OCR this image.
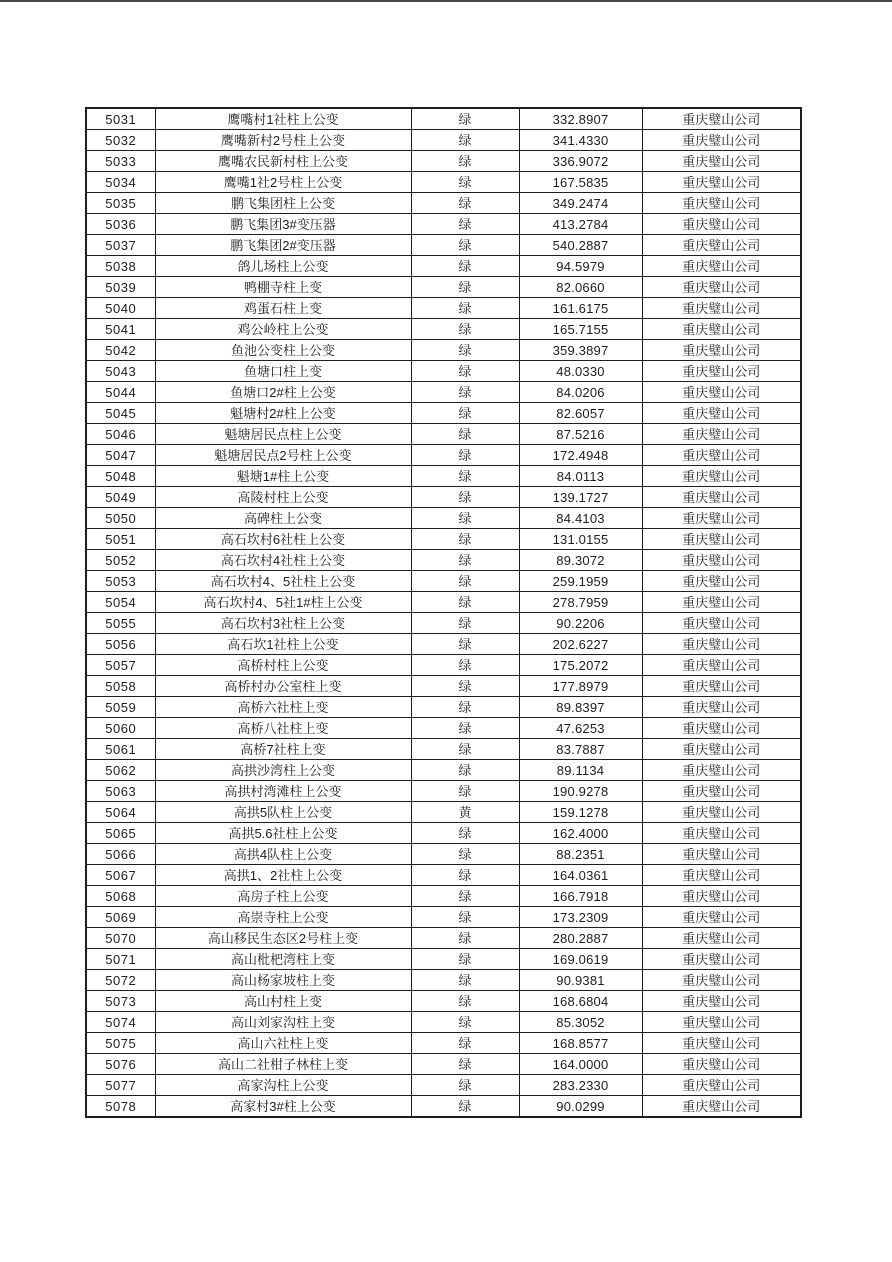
5031	鹰嘴村1社柱上公变	绿	332.8907	重庆璧山公司
5032	鹰嘴新村2号柱上公变	绿	341.4330	重庆璧山公司
5033	鹰嘴农民新村柱上公变	绿	336.9072	重庆璧山公司
5034	鹰嘴1社2号柱上公变	绿	167.5835	重庆璧山公司
5035	鹏飞集团柱上公变	绿	349.2474	重庆璧山公司
5036	鹏飞集团3#变压器	绿	413.2784	重庆璧山公司
5037	鹏飞集团2#变压器	绿	540.2887	重庆璧山公司
5038	鸽儿场柱上公变	绿	94.5979	重庆璧山公司
5039	鸭棚寺柱上变	绿	82.0660	重庆璧山公司
5040	鸡蛋石柱上变	绿	161.6175	重庆璧山公司
5041	鸡公岭柱上公变	绿	165.7155	重庆璧山公司
5042	鱼池公变柱上公变	绿	359.3897	重庆璧山公司
5043	鱼塘口柱上变	绿	48.0330	重庆璧山公司
5044	鱼塘口2#柱上公变	绿	84.0206	重庆璧山公司
5045	魁塘村2#柱上公变	绿	82.6057	重庆璧山公司
5046	魁塘居民点柱上公变	绿	87.5216	重庆璧山公司
5047	魁塘居民点2号柱上公变	绿	172.4948	重庆璧山公司
5048	魁塘1#柱上公变	绿	84.0113	重庆璧山公司
5049	高陵村柱上公变	绿	139.1727	重庆璧山公司
5050	高碑柱上公变	绿	84.4103	重庆璧山公司
5051	高石坎村6社柱上公变	绿	131.0155	重庆璧山公司
5052	高石坎村4社柱上公变	绿	89.3072	重庆璧山公司
5053	高石坎村4、5社柱上公变	绿	259.1959	重庆璧山公司
5054	高石坎村4、5社1#柱上公变	绿	278.7959	重庆璧山公司
5055	高石坎村3社柱上公变	绿	90.2206	重庆璧山公司
5056	高石坎1社柱上公变	绿	202.6227	重庆璧山公司
5057	高桥村柱上公变	绿	175.2072	重庆璧山公司
5058	高桥村办公室柱上变	绿	177.8979	重庆璧山公司
5059	高桥六社柱上变	绿	89.8397	重庆璧山公司
5060	高桥八社柱上变	绿	47.6253	重庆璧山公司
5061	高桥7社柱上变	绿	83.7887	重庆璧山公司
5062	高拱沙湾柱上公变	绿	89.1134	重庆璧山公司
5063	高拱村湾滩柱上公变	绿	190.9278	重庆璧山公司
5064	高拱5队柱上公变	黄	159.1278	重庆璧山公司
5065	高拱5.6社柱上公变	绿	162.4000	重庆璧山公司
5066	高拱4队柱上公变	绿	88.2351	重庆璧山公司
5067	高拱1、2社柱上公变	绿	164.0361	重庆璧山公司
5068	高房子柱上公变	绿	166.7918	重庆璧山公司
5069	高崇寺柱上公变	绿	173.2309	重庆璧山公司
5070	高山移民生态区2号柱上变	绿	280.2887	重庆璧山公司
5071	高山枇杷湾柱上变	绿	169.0619	重庆璧山公司
5072	高山杨家坡柱上变	绿	90.9381	重庆璧山公司
5073	高山村柱上变	绿	168.6804	重庆璧山公司
5074	高山刘家沟柱上变	绿	85.3052	重庆璧山公司
5075	高山六社柱上变	绿	168.8577	重庆璧山公司
5076	高山二社柑子林柱上变	绿	164.0000	重庆璧山公司
5077	高家沟柱上公变	绿	283.2330	重庆璧山公司
5078	高家村3#柱上公变	绿	90.0299	重庆璧山公司
